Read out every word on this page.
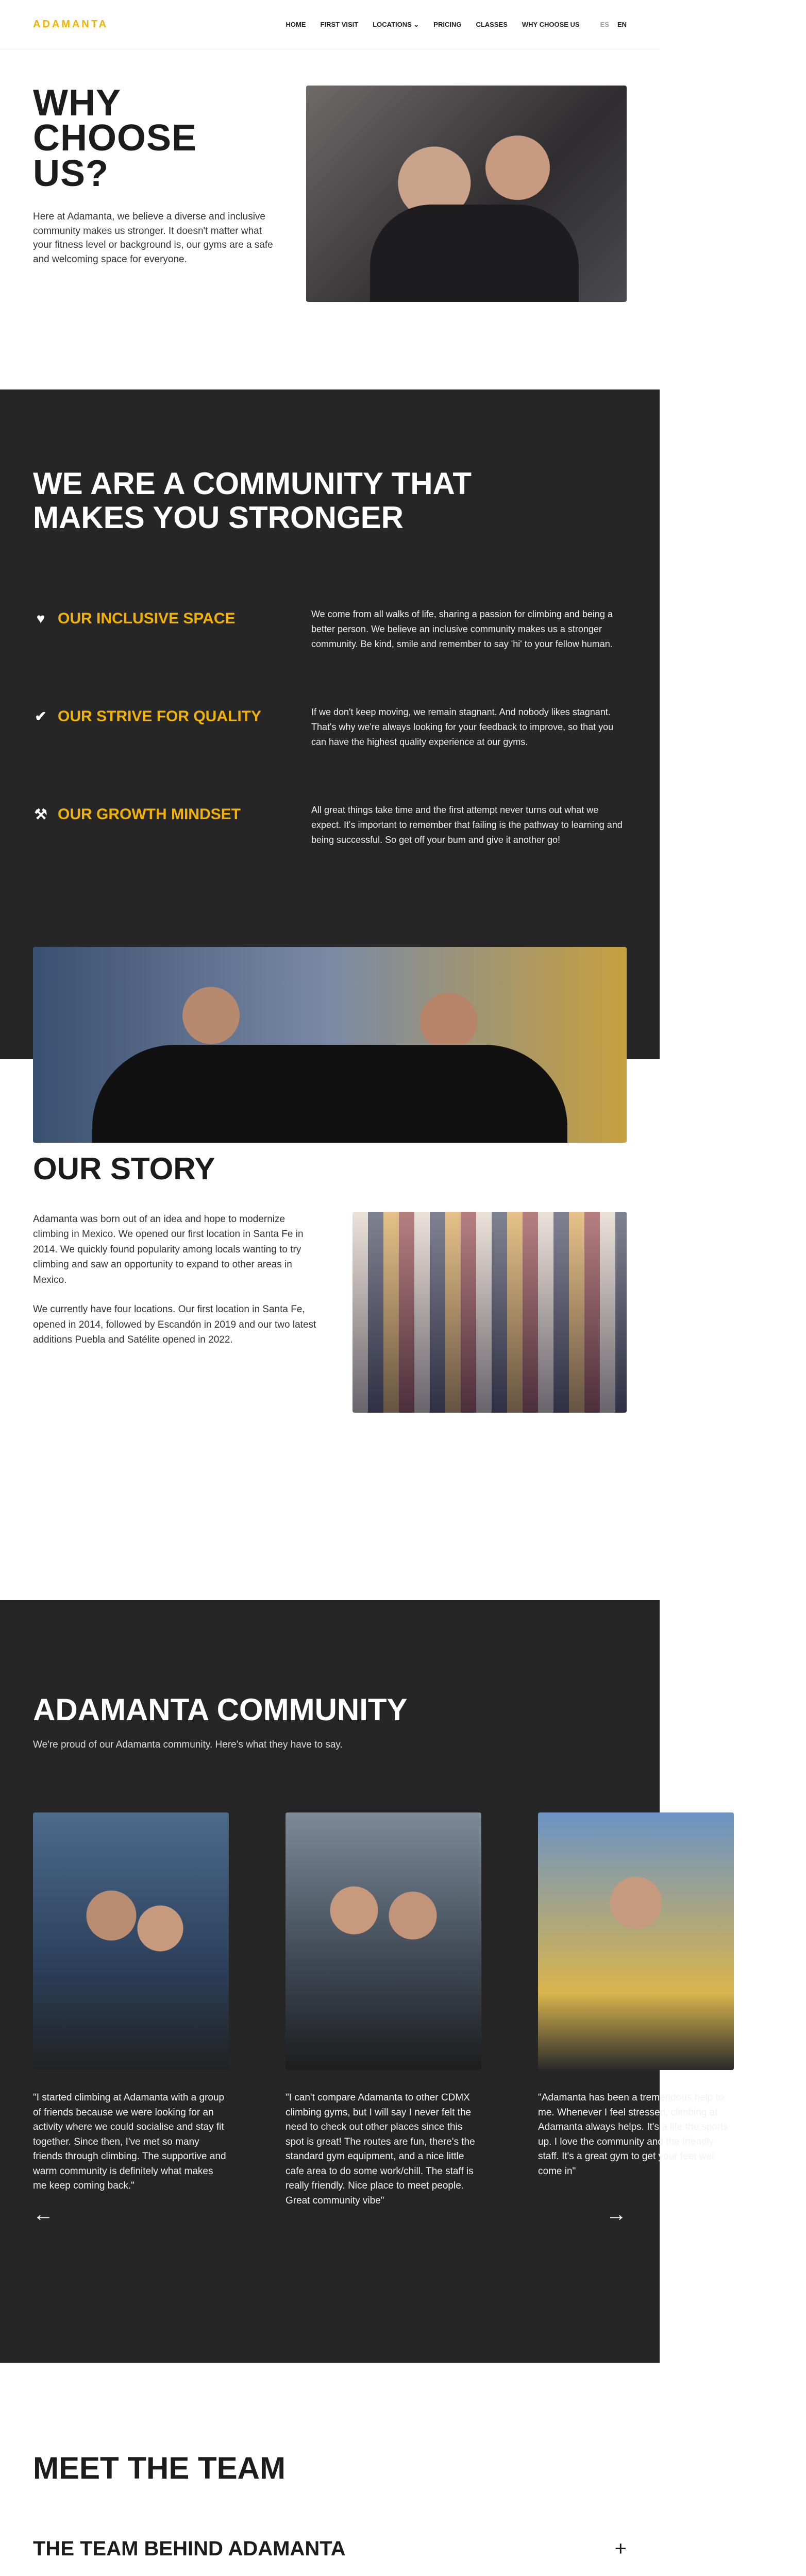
ADAMANTA	HOME FIRST VISIT LOCATIONS ⌄ PRICING CLASSES WHY CHOOSE US	ES EN
WHY CHOOSE US?

Here at Adamanta, we believe a diverse and inclusive community makes us stronger. It doesn't matter what your fitness level or background is, our gyms are a safe and welcoming space for everyone.

WE ARE A COMMUNITY THAT MAKES YOU STRONGER
♥ OUR INCLUSIVE SPACE	We come from all walks of life, sharing a passion for climbing and being a better person. We believe an inclusive community makes us a stronger community. Be kind, smile and remember to say 'hi' to your fellow human.

✔ OUR STRIVE FOR QUALITY	If we don't keep moving, we remain stagnant. And nobody likes stagnant. That's why we're always looking for your feedback to improve, so that you can have the highest quality experience at our gyms.

⚒ OUR GROWTH MINDSET	All great things take time and the first attempt never turns out what we expect. It's important to remember that failing is the pathway to learning and being successful. So get off your bum and give it another go!

OUR STORY

Adamanta was born out of an idea and hope to modernize climbing in Mexico. We opened our first location in Santa Fe in 2014. We quickly found popularity among locals wanting to try climbing and saw an opportunity to expand to other areas in Mexico.

We currently have four locations. Our first location in Santa Fe, opened in 2014, followed by Escandón in 2019 and our two latest additions Puebla and Satélite opened in 2022.

ADAMANTA COMMUNITY

We're proud of our Adamanta community. Here's what they have to say.

"I started climbing at Adamanta with a group of friends because we were looking for an activity where we could socialise and stay fit together. Since then, I've met so many friends through climbing. The supportive and warm community is definitely what makes me keep coming back."

"I can't compare Adamanta to other CDMX climbing gyms, but I will say I never felt the need to check out other places since this spot is great! The routes are fun, there's the standard gym equipment, and a nice little cafe area to do some work/chill. The staff is really friendly. Nice place to meet people. Great community vibe"

"Adamanta has been a tremendous help to me. Whenever I feel stressed, climbing at Adamanta always helps. It's a life the sports up. I love the community and the friendly staff. It's a great gym to get your feet wet come in"

←	→
MEET THE TEAM
THE TEAM BEHIND ADAMANTA	+
